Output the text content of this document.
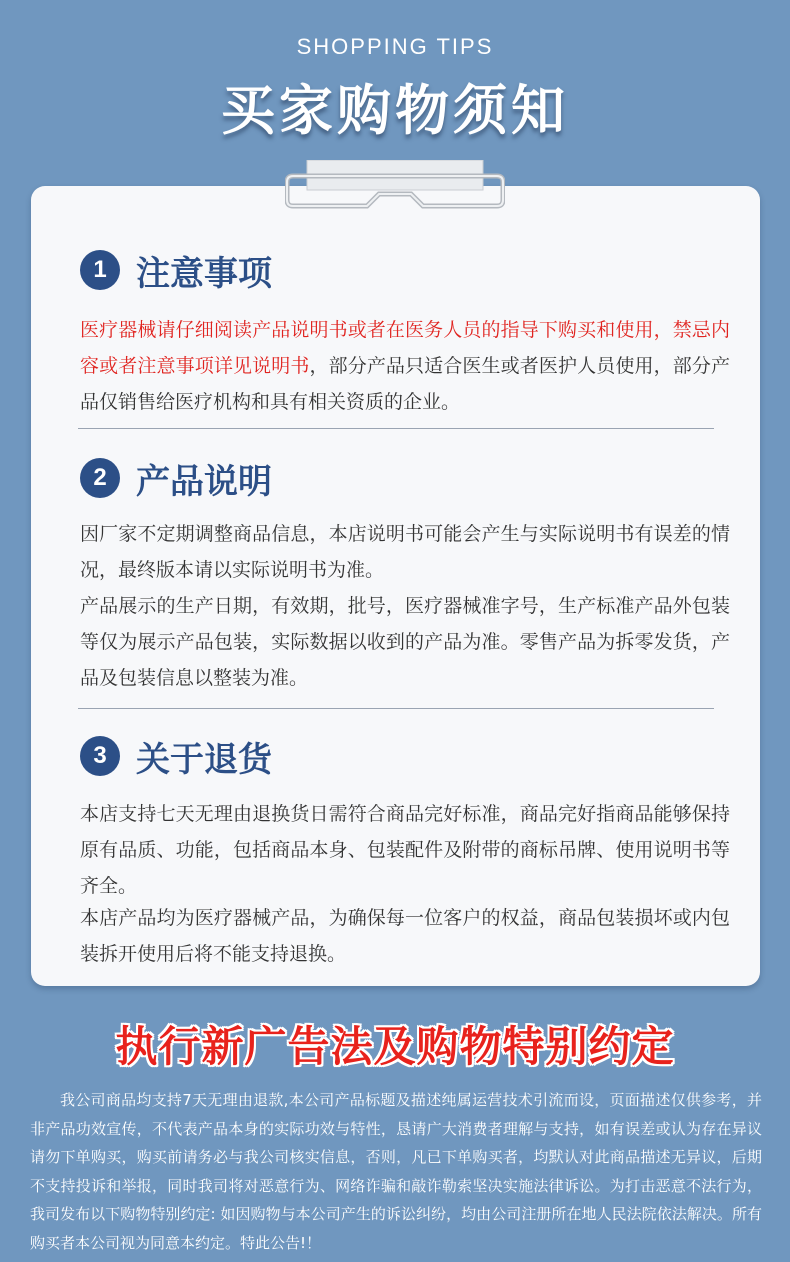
SHOPPING TIPS
买家购物须知
1 注意事项

医疗器械请仔细阅读产品说明书或者在医务人员的指导下购买和使用，禁忌内容或者注意事项详见说明书，部分产品只适合医生或者医护人员使用，部分产品仅销售给医疗机构和具有相关资质的企业。

2 产品说明

因厂家不定期调整商品信息，本店说明书可能会产生与实际说明书有误差的情况，最终版本请以实际说明书为准。

产品展示的生产日期，有效期，批号，医疗器械准字号，生产标准产品外包装等仅为展示产品包装，实际数据以收到的产品为准。零售产品为拆零发货，产品及包装信息以整装为准。

3 关于退货

本店支持七天无理由退换货日需符合商品完好标准，商品完好指商品能够保持原有品质、功能，包括商品本身、包装配件及附带的商标吊牌、使用说明书等齐全。

本店产品均为医疗器械产品，为确保每一位客户的权益，商品包装损坏或内包装拆开使用后将不能支持退换。

执行新广告法及购物特别约定

我公司商品均支持7天无理由退款,本公司产品标题及描述纯属运营技术引流而设，页面描述仅供参考，并非产品功效宣传，不代表产品本身的实际功效与特性，恳请广大消费者理解与支持，如有误差或认为存在异议请勿下单购买，购买前请务必与我公司核实信息，否则，凡已下单购买者，均默认对此商品描述无异议，后期不支持投诉和举报，同时我司将对恶意行为、网络诈骗和敲诈勒索坚决实施法律诉讼。为打击恶意不法行为，我司发布以下购物特别约定: 如因购物与本公司产生的诉讼纠纷，均由公司注册所在地人民法院依法解决。所有购买者本公司视为同意本约定。特此公告!！
